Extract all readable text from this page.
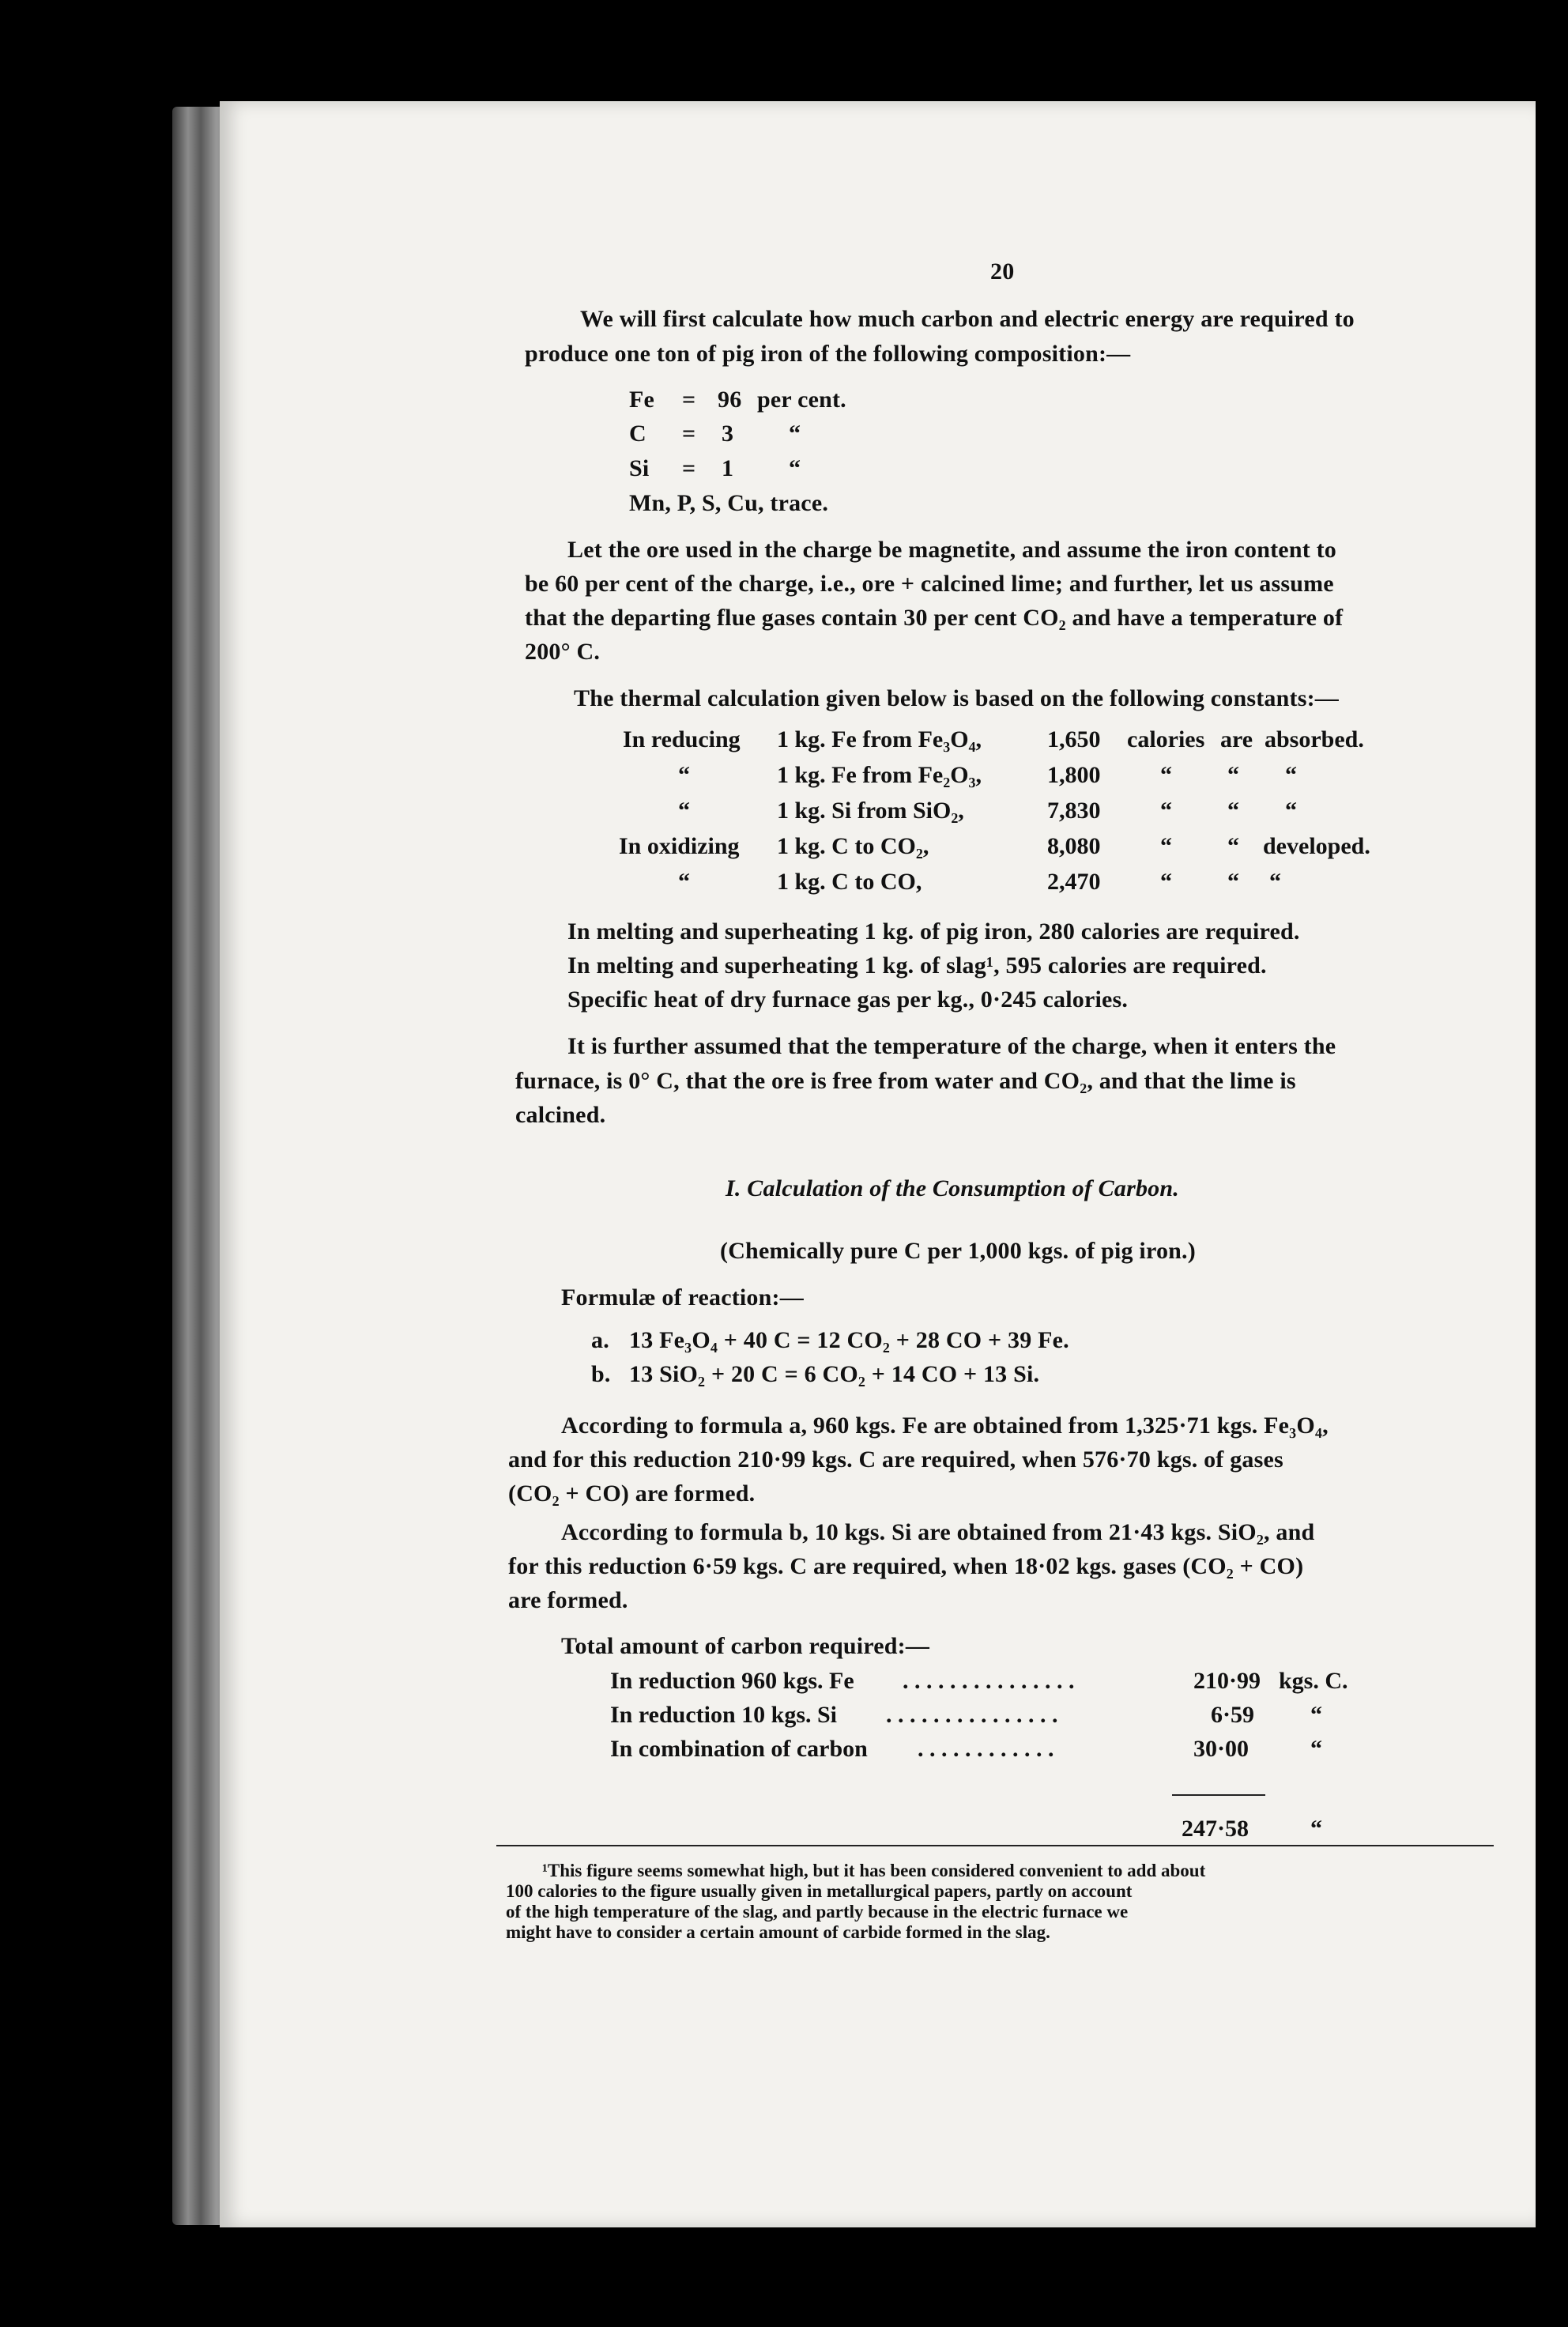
20
We will first calculate how much carbon and electric energy are required to
produce one ton of pig iron of the following composition:—
Fe = 96 per cent.
C = 3 “
Si = 1 “
Mn, P, S, Cu, trace.
Let the ore used in the charge be magnetite, and assume the iron content to
be 60 per cent of the charge, i.e., ore + calcined lime; and further, let us assume
that the departing flue gases contain 30 per cent CO₂ and have a temperature of
200° C.
The thermal calculation given below is based on the following constants:—
In reducing 1 kg. Fe from Fe₃O₄,	1,650 calories are absorbed.
“	1 kg. Fe from Fe₂O₃,	1,800	“ “ “
“	1 kg. Si from SiO₂,	7,830	“ “ “
In oxidizing 1 kg. C to CO₂,	8,080	“ “ developed.
“	1 kg. C to CO,	2,470	“ “ “
In melting and superheating 1 kg. of pig iron, 280 calories are required.
In melting and superheating 1 kg. of slag¹, 595 calories are required.
Specific heat of dry furnace gas per kg., 0·245 calories.
It is further assumed that the temperature of the charge, when it enters the
furnace, is 0° C, that the ore is free from water and CO₂, and that the lime is
calcined.
I. Calculation of the Consumption of Carbon.
(Chemically pure C per 1,000 kgs. of pig iron.)
Formulæ of reaction:—
a. 13 Fe₃O₄ + 40 C = 12 CO₂ + 28 CO + 39 Fe.
b. 13 SiO₂ + 20 C = 6 CO₂ + 14 CO + 13 Si.
According to formula a, 960 kgs. Fe are obtained from 1,325·71 kgs. Fe₃O₄,
and for this reduction 210·99 kgs. C are required, when 576·70 kgs. of gases
(CO₂ + CO) are formed.
According to formula b, 10 kgs. Si are obtained from 21·43 kgs. SiO₂, and
for this reduction 6·59 kgs. C are required, when 18·02 kgs. gases (CO₂ + CO)
are formed.
Total amount of carbon required:—
In reduction 960 kgs. Fe . . . . . . . . . . . . . . .	210·99 kgs. C.
In reduction 10 kgs. Si . . . . . . . . . . . . . . .	6·59 “
In combination of carbon . . . . . . . . . . . .	30·00	“
247·58	“
¹This figure seems somewhat high, but it has been considered convenient to add about
100 calories to the figure usually given in metallurgical papers, partly on account
of the high temperature of the slag, and partly because in the electric furnace we
might have to consider a certain amount of carbide formed in the slag.
